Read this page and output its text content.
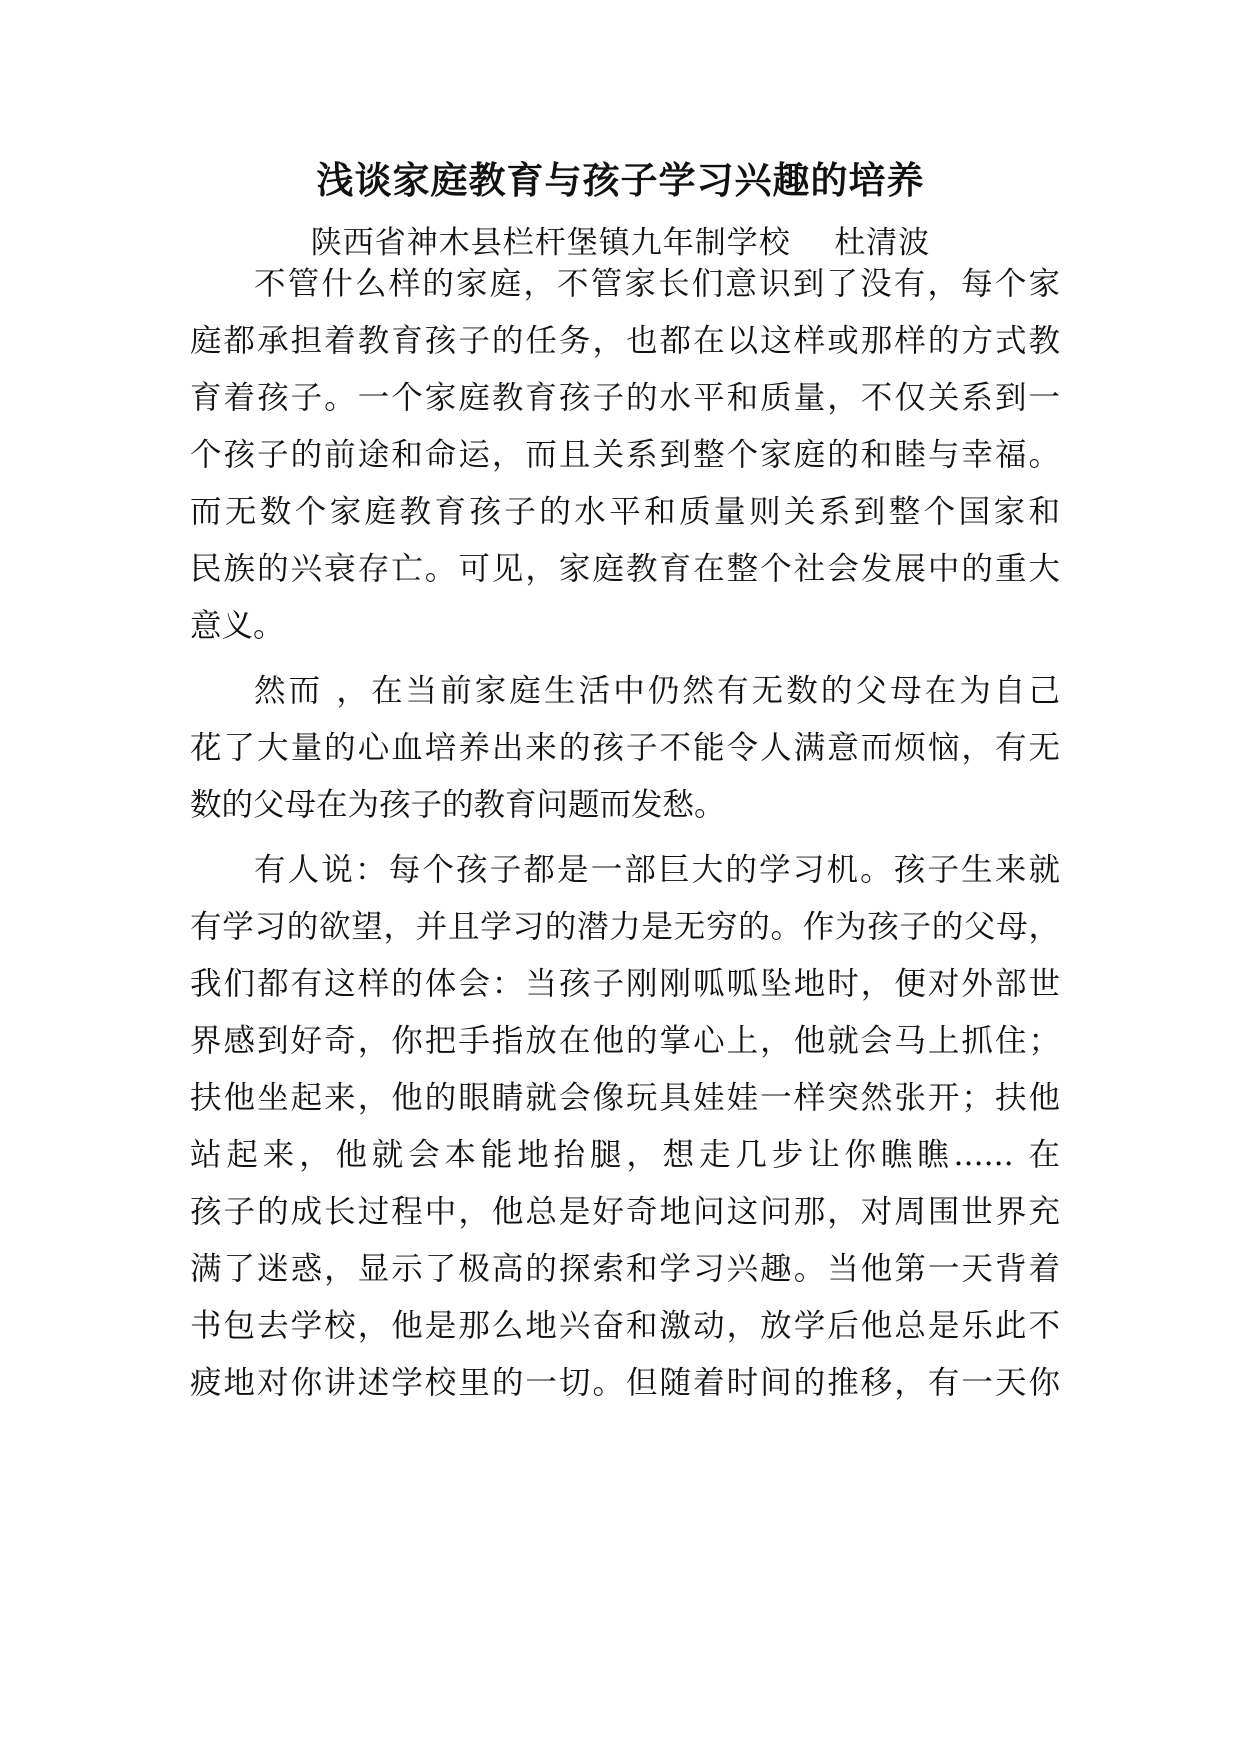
浅谈家庭教育与孩子学习兴趣的培养
陕西省神木县栏杆堡镇九年制学校    杜清波
不管什么样的家庭，不管家长们意识到了没有，每个家
庭都承担着教育孩子的任务，也都在以这样或那样的方式教
育着孩子。一个家庭教育孩子的水平和质量，不仅关系到一
个孩子的前途和命运，而且关系到整个家庭的和睦与幸福。
而无数个家庭教育孩子的水平和质量则关系到整个国家和
民族的兴衰存亡。可见，家庭教育在整个社会发展中的重大
意义。
然而 ，在当前家庭生活中仍然有无数的父母在为自己
花了大量的心血培养出来的孩子不能令人满意而烦恼，有无
数的父母在为孩子的教育问题而发愁。
有人说：每个孩子都是一部巨大的学习机。孩子生来就
有学习的欲望，并且学习的潜力是无穷的。作为孩子的父母，
我们都有这样的体会：当孩子刚刚呱呱坠地时，便对外部世
界感到好奇，你把手指放在他的掌心上，他就会马上抓住；
扶他坐起来，他的眼睛就会像玩具娃娃一样突然张开；扶他
站起来，他就会本能地抬腿，想走几步让你瞧瞧...... 在
孩子的成长过程中，他总是好奇地问这问那，对周围世界充
满了迷惑，显示了极高的探索和学习兴趣。当他第一天背着
书包去学校，他是那么地兴奋和激动，放学后他总是乐此不
疲地对你讲述学校里的一切。但随着时间的推移，有一天你
